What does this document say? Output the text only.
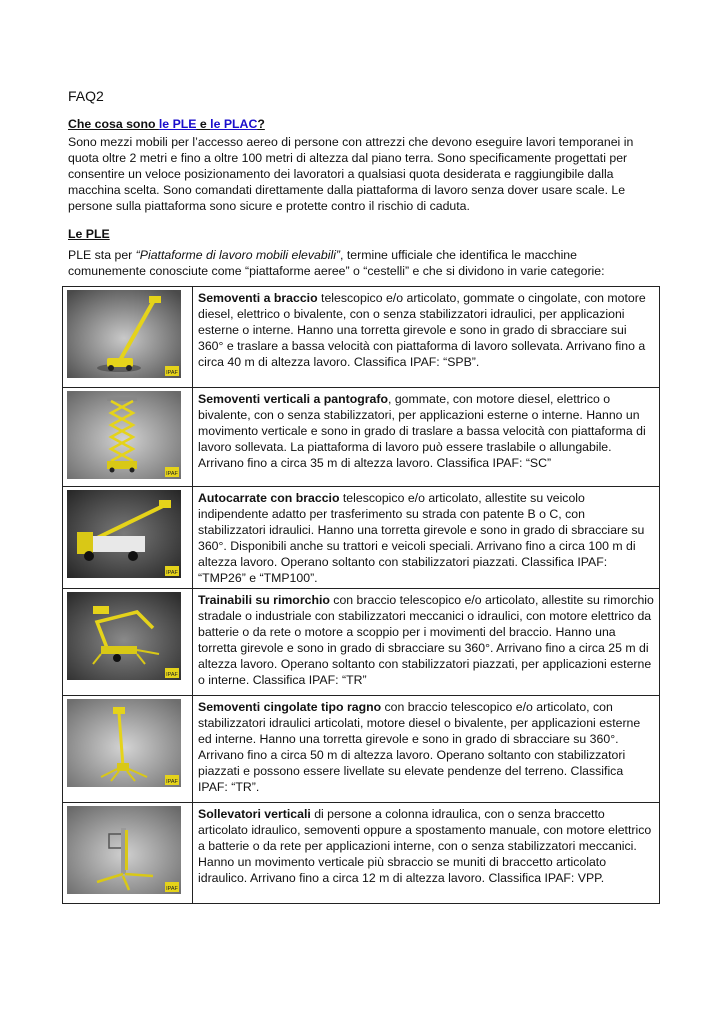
FAQ2
Che cosa sono le PLE e le PLAC?

Sono mezzi mobili per l’accesso aereo di persone con attrezzi che devono eseguire lavori temporanei in quota oltre 2 metri e fino a oltre 100 metri di altezza dal piano terra. Sono specificamente progettati per consentire un veloce posizionamento dei lavoratori a qualsiasi quota desiderata e raggiungibile dalla macchina scelta. Sono comandati direttamente dalla piattaforma di lavoro senza dover usare scale. Le persone sulla piattaforma sono sicure e protette contro il rischio di caduta.

Le PLE

PLE sta per “Piattaforme di lavoro mobili elevabili”, termine ufficiale che identifica le macchine comunemente conosciute come “piattaforme aeree” o “cestelli” e che si dividono in varie categorie:

IPAF	Semoventi a braccio telescopico e/o articolato, gommate o cingolate, con motore diesel, elettrico o bivalente, con o senza stabilizzatori idraulici, per applicazioni esterne o interne. Hanno una torretta girevole e sono in grado di sbracciare sui 360° e traslare a bassa velocità con piattaforma di lavoro sollevata. Arrivano fino a circa 40 m di altezza lavoro. Classifica IPAF: “SPB”.

IPAF	Semoventi verticali a pantografo, gommate, con motore diesel, elettrico o bivalente, con o senza stabilizzatori, per applicazioni esterne o interne. Hanno un movimento verticale e sono in grado di traslare a bassa velocità con piattaforma di lavoro sollevata. La piattaforma di lavoro può essere traslabile o allungabile. Arrivano fino a circa 35 m di altezza lavoro. Classifica IPAF: “SC”

IPAF	Autocarrate con braccio telescopico e/o articolato, allestite su veicolo indipendente adatto per trasferimento su strada con patente B o C, con stabilizzatori idraulici. Hanno una torretta girevole e sono in grado di sbracciare su 360°. Disponibili anche su trattori e veicoli speciali. Arrivano fino a circa 100 m di altezza lavoro. Operano soltanto con stabilizzatori piazzati. Classifica IPAF: “TMP26” e “TMP100”.

IPAF	Trainabili su rimorchio con braccio telescopico e/o articolato, allestite su rimorchio stradale o industriale con stabilizzatori meccanici o idraulici, con motore elettrico da batterie o da rete o motore a scoppio per i movimenti del braccio. Hanno una torretta girevole e sono in grado di sbracciare su 360°. Arrivano fino a circa 25 m di altezza lavoro. Operano soltanto con stabilizzatori piazzati, per applicazioni esterne o interne. Classifica IPAF: “TR”

IPAF	Semoventi cingolate tipo ragno con braccio telescopico e/o articolato, con stabilizzatori idraulici articolati, motore diesel o bivalente, per applicazioni esterne ed interne. Hanno una torretta girevole e sono in grado di sbracciare su 360°. Arrivano fino a circa 50 m di altezza lavoro. Operano soltanto con stabilizzatori piazzati e possono essere livellate su elevate pendenze del terreno. Classifica IPAF: “TR”.

IPAF	Sollevatori verticali di persone a colonna idraulica, con o senza braccetto articolato idraulico, semoventi oppure a spostamento manuale, con motore elettrico a batterie o da rete per applicazioni interne, con o senza stabilizzatori meccanici. Hanno un movimento verticale più sbraccio se muniti di braccetto articolato idraulico. Arrivano fino a circa 12 m di altezza lavoro. Classifica IPAF: VPP.
